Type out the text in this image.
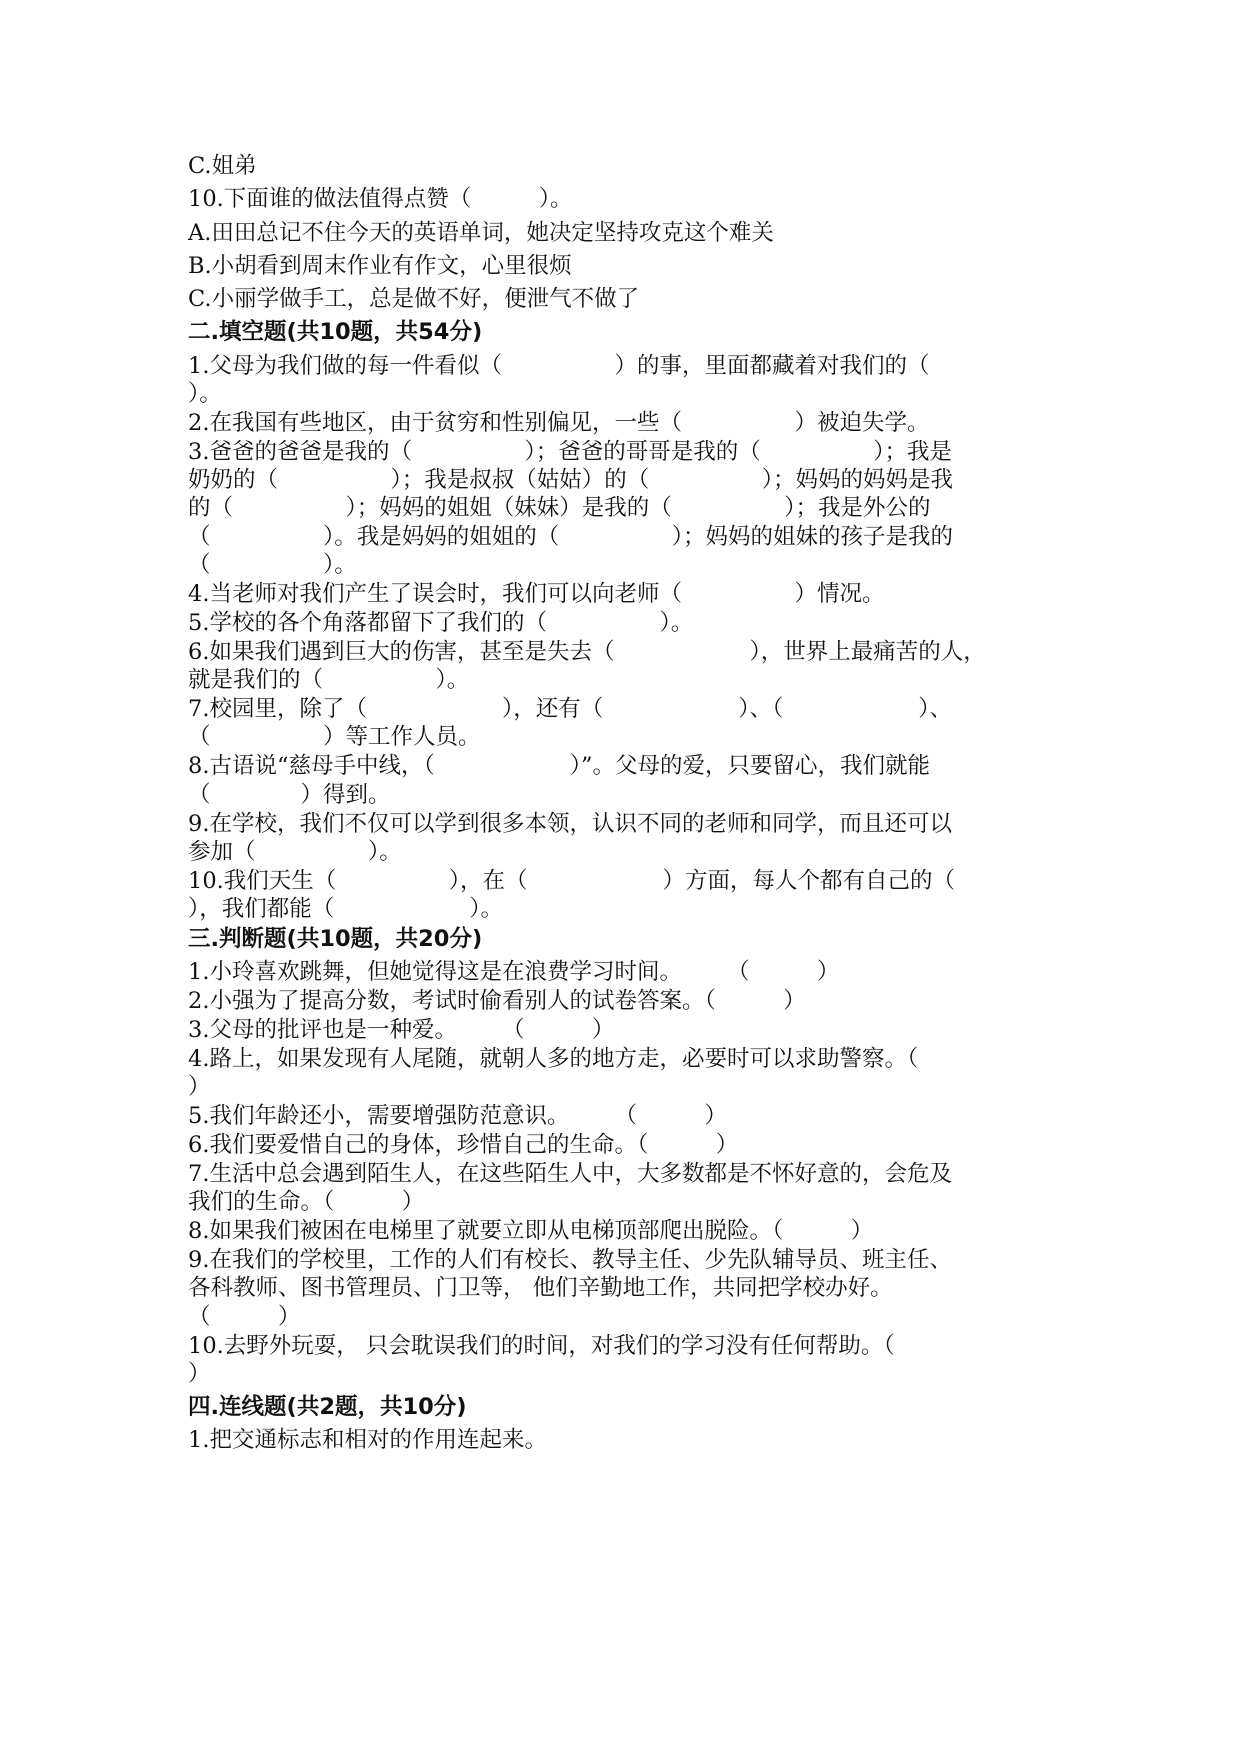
C.姐弟
10.下面谁的做法值得点赞（　　　）。
A.田田总记不住今天的英语单词，她决定坚持攻克这个难关
B.小胡看到周末作业有作文，心里很烦
C.小丽学做手工，总是做不好，便泄气不做了
二.填空题(共10题，共54分)
1.父母为我们做的每一件看似（　　　　　）的事，里面都藏着对我们的（
）。
2.在我国有些地区，由于贫穷和性别偏见，一些（　　　　　）被迫失学。
3.爸爸的爸爸是我的（　　　　　）；爸爸的哥哥是我的（　　　　　）；我是
奶奶的（　　　　　）；我是叔叔（姑姑）的（　　　　　）；妈妈的妈妈是我
的（　　　　　）；妈妈的姐姐（妹妹）是我的（　　　　　）；我是外公的
（　　　　　）。我是妈妈的姐姐的（　　　　　）；妈妈的姐妹的孩子是我的
（　　　　　）。
4.当老师对我们产生了误会时，我们可以向老师（　　　　　）情况。
5.学校的各个角落都留下了我们的（　　　　　）。
6.如果我们遇到巨大的伤害，甚至是失去（　　　　　　），世界上最痛苦的人，
就是我们的（　　　　　）。
7.校园里，除了（　　　　　　），还有（　　　　　　）、（　　　　　　）、
（　　　　　）等工作人员。
8.古语说“慈母手中线，（　　　　　　）”。父母的爱，只要留心，我们就能
（　　　　）得到。
9.在学校，我们不仅可以学到很多本领，认识不同的老师和同学，而且还可以
参加（　　　　　）。
10.我们天生（　　　　　），在（　　　　　　）方面，每人个都有自己的（
），我们都能（　　　　　　）。
三.判断题(共10题，共20分)
1.小玲喜欢跳舞，但她觉得这是在浪费学习时间。　　　（　　　）
2.小强为了提高分数，考试时偷看别人的试卷答案。（　　　）
3.父母的批评也是一种爱。　　　（　　　）
4.路上，如果发现有人尾随，就朝人多的地方走，必要时可以求助警察。（
）
5.我们年龄还小，需要增强防范意识。　　　（　　　）
6.我们要爱惜自己的身体，珍惜自己的生命。（　　　）
7.生活中总会遇到陌生人，在这些陌生人中，大多数都是不怀好意的，会危及
我们的生命。（　　　）
8.如果我们被困在电梯里了就要立即从电梯顶部爬出脱险。（　　　）
9.在我们的学校里，工作的人们有校长、教导主任、少先队辅导员、班主任、
各科教师、图书管理员、门卫等， 他们辛勤地工作，共同把学校办好。
（　　　）
10.去野外玩耍， 只会耽误我们的时间，对我们的学习没有任何帮助。（
）
四.连线题(共2题，共10分)
1.把交通标志和相对的作用连起来。
